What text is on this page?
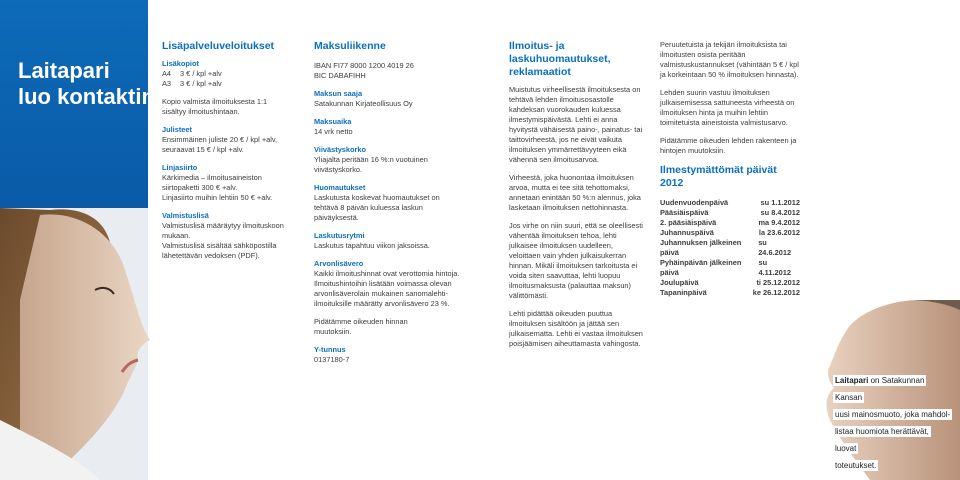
Laitapari
luo kontaktin.
Lisäpalveluveloitukset
Lisäkopiot
A4	3 € / kpl +alv
A3	3 € / kpl +alv
Kopio valmista ilmoituksesta 1:1 sisältyy ilmoitushintaan.
Julisteet
Ensimmäinen juliste 20 € / kpl +alv, seuraavat 15 € / kpl +alv.
Linjasiirto
Kärkimedia – ilmoitusaineiston siirtopaketti 300 € +alv.
Linjasiirto muihin lehtiin 50 € +alv.
Valmistuslisä
Valmistuslisä määräytyy ilmoituskoon mukaan.
Valmistuslisä sisältää sähköpostilla lähetettävän vedoksen (PDF).
Maksuliikenne
IBAN FI77 8000 1200 4019 26
BIC DABAFIHH
Maksun saaja
Satakunnan Kirjateollisuus Oy
Maksuaika
14 vrk netto
Viivästyskorko
Yliajalta peritään 16 %:n vuotuinen viivästyskorko.
Huomautukset
Laskutusta koskevat huomautukset on tehtävä 8 päivän kuluessa laskun päiväyksestä.
Laskutusrytmi
Laskutus tapahtuu viikon jaksoissa.
Arvonlisävero
Kaikki ilmoitushinnat ovat verottomia hintoja. Ilmoitushintoihin lisätään voimassa olevan arvonlisäverolain mukainen sanomalehti-ilmoituksille määrätty arvonlisävero 23 %.
Pidätämme oikeuden hinnan muutoksiin.
Y-tunnus
0137180-7
Ilmoitus- ja laskuhuomautukset, reklamaatiot
Muistutus virheellisestä ilmoituksesta on tehtävä lehden ilmoitusosastolle kahdeksan vuorokauden kuluessa ilmestymispäivästä. Lehti ei anna hyvitystä vähäisestä paino-, painatus- tai taittovirheestä, jos ne eivät vaikuta ilmoituksen ymmärrettävyyteen eikä vähennä sen ilmoitusarvoa.
Virheestä, joka huonontaa ilmoituksen arvoa, mutta ei tee sitä tehottomaksi, annetaan enintään 50 %:n alennus, joka lasketaan ilmoituksen nettohinnasta.
Jos virhe on niin suuri, että se oleellisesti vähentää ilmoituksen tehoa, lehti julkaisee ilmoituksen uudelleen, veloittaen vain yhden julkaisukerran hinnan. Mikäli ilmoituksen tarkoitusta ei voida siten saavuttaa, lehti luopuu ilmoitusmaksusta (palauttaa maksun) välittömästi.
Lehti pidättää oikeuden puuttua ilmoituksen sisältöön ja jättää sen julkaisematta. Lehti ei vastaa ilmoituksen poisjäämisen aiheuttamasta vahingosta.
Peruutetuista ja tekijän ilmoituksista tai ilmoitusten osista peritään valmistuskustannukset (vähintään 5 € / kpl ja korkeintaan 50 % ilmoituksen hinnasta).
Lehden suurin vastuu ilmoituksen julkaisemisessa sattuneesta virheestä on ilmoituksen hinta ja muihin lehtiin toimitetuista aineistoista valmistusarvo.
Pidätämme oikeuden lehden rakenteen ja hintojen muutoksiin.
Ilmestymättömät päivät 2012
Uudenvuodenpäivä	su 1.1.2012
Pääsiäispäivä	su 8.4.2012
2. pääsiäispäivä	ma 9.4.2012
Juhannuspäivä	la 23.6.2012
Juhannuksen jälkeinen päivä
su 24.6.2012
Pyhäinpäivän jälkeinen päivä
su 4.11.2012
Joulupäivä	ti 25.12.2012
Tapaninpäivä	ke 26.12.2012
Laitapari on Satakunnan Kansan
uusi mainosmuoto, joka mahdol-
listaa huomiota herättävät, luovat
toteutukset.
